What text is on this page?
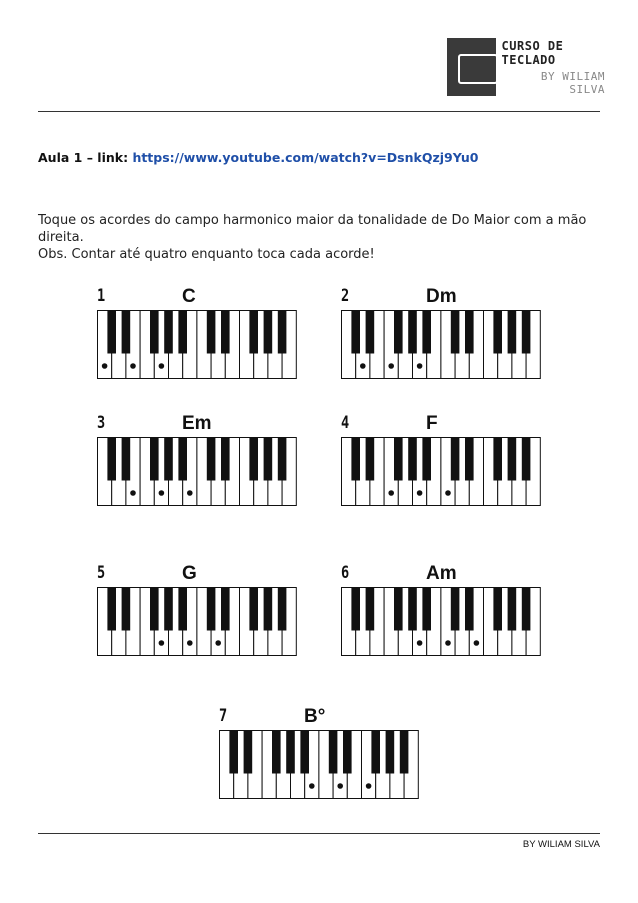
CURSO DE TECLADO
BY WILIAM SILVA
Aula 1 – link: https://www.youtube.com/watch?v=DsnkQzj9Yu0

Toque os acordes do campo harmonico maior da tonalidade de Do Maior com a mão direita.

Obs. Contar até quatro enquanto toca cada acorde!

1	C	2	Dm
3	Em	4	F
5	G	6	Am
7	B°
BY WILIAM SILVA
